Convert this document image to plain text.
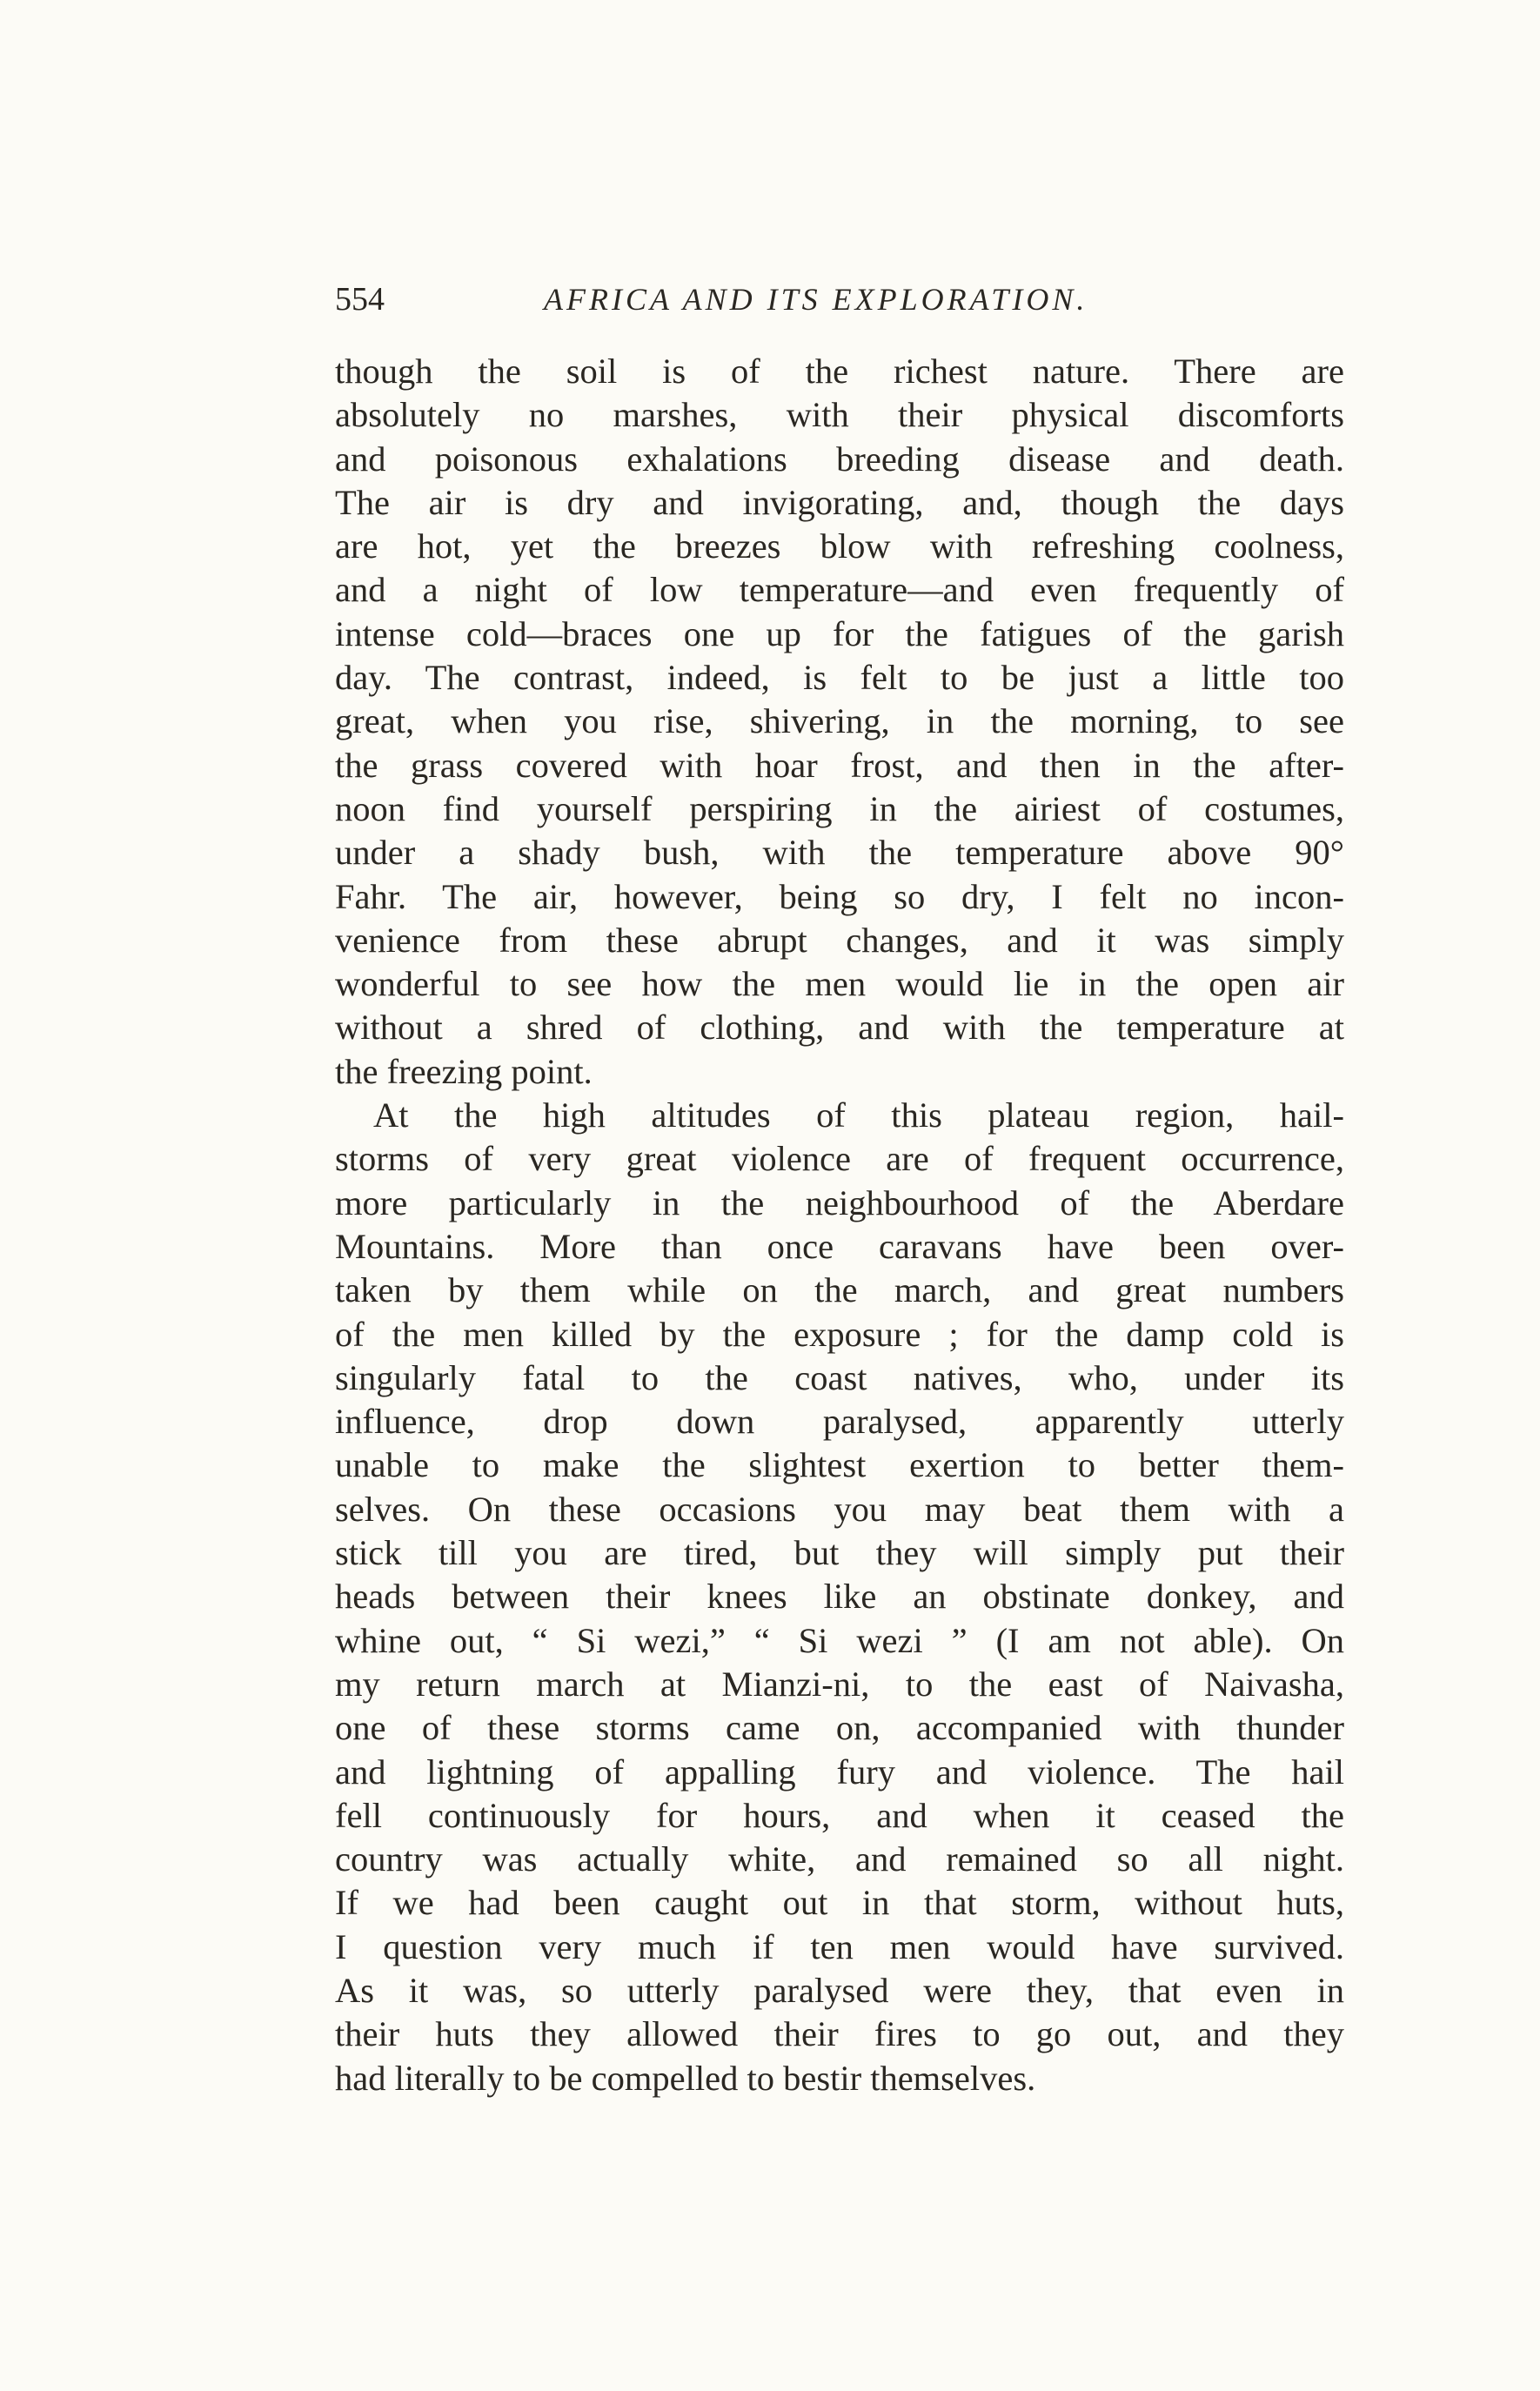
554	AFRICA AND ITS EXPLORATION.
though the soil is of the richest nature. There are
absolutely no marshes, with their physical discomforts
and poisonous exhalations breeding disease and death.
The air is dry and invigorating, and, though the days
are hot, yet the breezes blow with refreshing coolness,
and a night of low temperature—and even frequently of
intense cold—braces one up for the fatigues of the garish
day. The contrast, indeed, is felt to be just a little too
great, when you rise, shivering, in the morning, to see
the grass covered with hoar frost, and then in the after-
noon find yourself perspiring in the airiest of costumes,
under a shady bush, with the temperature above 90°
Fahr. The air, however, being so dry, I felt no incon-
venience from these abrupt changes, and it was simply
wonderful to see how the men would lie in the open air
without a shred of clothing, and with the temperature at
the freezing point.
At the high altitudes of this plateau region, hail-
storms of very great violence are of frequent occurrence,
more particularly in the neighbourhood of the Aberdare
Mountains. More than once caravans have been over-
taken by them while on the march, and great numbers
of the men killed by the exposure ; for the damp cold is
singularly fatal to the coast natives, who, under its
influence, drop down paralysed, apparently utterly
unable to make the slightest exertion to better them-
selves. On these occasions you may beat them with a
stick till you are tired, but they will simply put their
heads between their knees like an obstinate donkey, and
whine out, “ Si wezi,” “ Si wezi ” (I am not able). On
my return march at Mianzi-ni, to the east of Naivasha,
one of these storms came on, accompanied with thunder
and lightning of appalling fury and violence. The hail
fell continuously for hours, and when it ceased the
country was actually white, and remained so all night.
If we had been caught out in that storm, without huts,
I question very much if ten men would have survived.
As it was, so utterly paralysed were they, that even in
their huts they allowed their fires to go out, and they
had literally to be compelled to bestir themselves.
